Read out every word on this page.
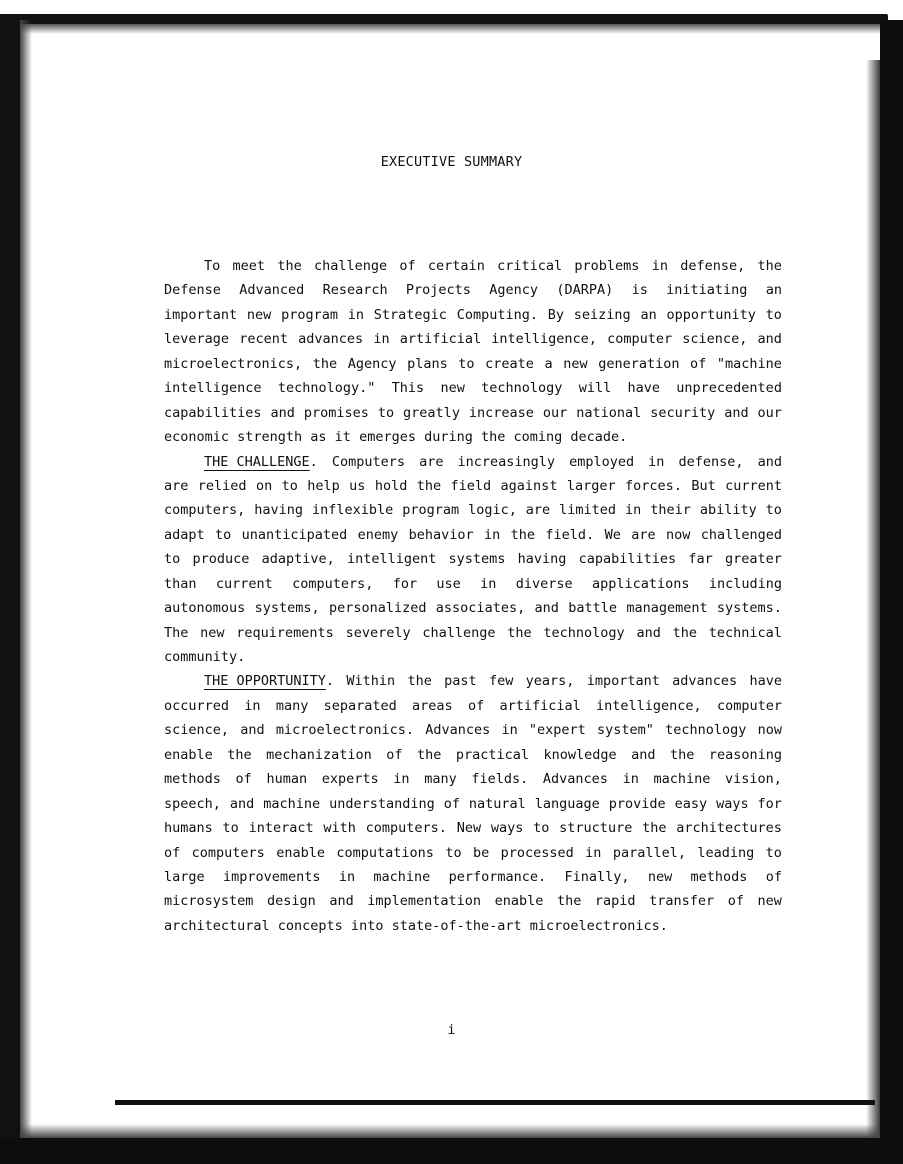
EXECUTIVE SUMMARY
To meet the challenge of certain critical problems in defense, the
Defense Advanced Research Projects Agency (DARPA) is initiating an
important new program in Strategic Computing. By seizing an opportunity to
leverage recent advances in artificial intelligence, computer science, and
microelectronics, the Agency plans to create a new generation of "machine
intelligence technology." This new technology will have unprecedented
capabilities and promises to greatly increase our national security and our
economic strength as it emerges during the coming decade.
THE CHALLENGE. Computers are increasingly employed in defense, and
are relied on to help us hold the field against larger forces. But current
computers, having inflexible program logic, are limited in their ability to
adapt to unanticipated enemy behavior in the field. We are now challenged
to produce adaptive, intelligent systems having capabilities far greater
than current computers, for use in diverse applications including
autonomous systems, personalized associates, and battle management systems.
The new requirements severely challenge the technology and the technical
community.
THE OPPORTUNITY. Within the past few years, important advances have
occurred in many separated areas of artificial intelligence, computer
science, and microelectronics. Advances in "expert system" technology now
enable the mechanization of the practical knowledge and the reasoning
methods of human experts in many fields. Advances in machine vision,
speech, and machine understanding of natural language provide easy ways for
humans to interact with computers. New ways to structure the architectures
of computers enable computations to be processed in parallel, leading to
large improvements in machine performance. Finally, new methods of
microsystem design and implementation enable the rapid transfer of new
architectural concepts into state-of-the-art microelectronics.
i
